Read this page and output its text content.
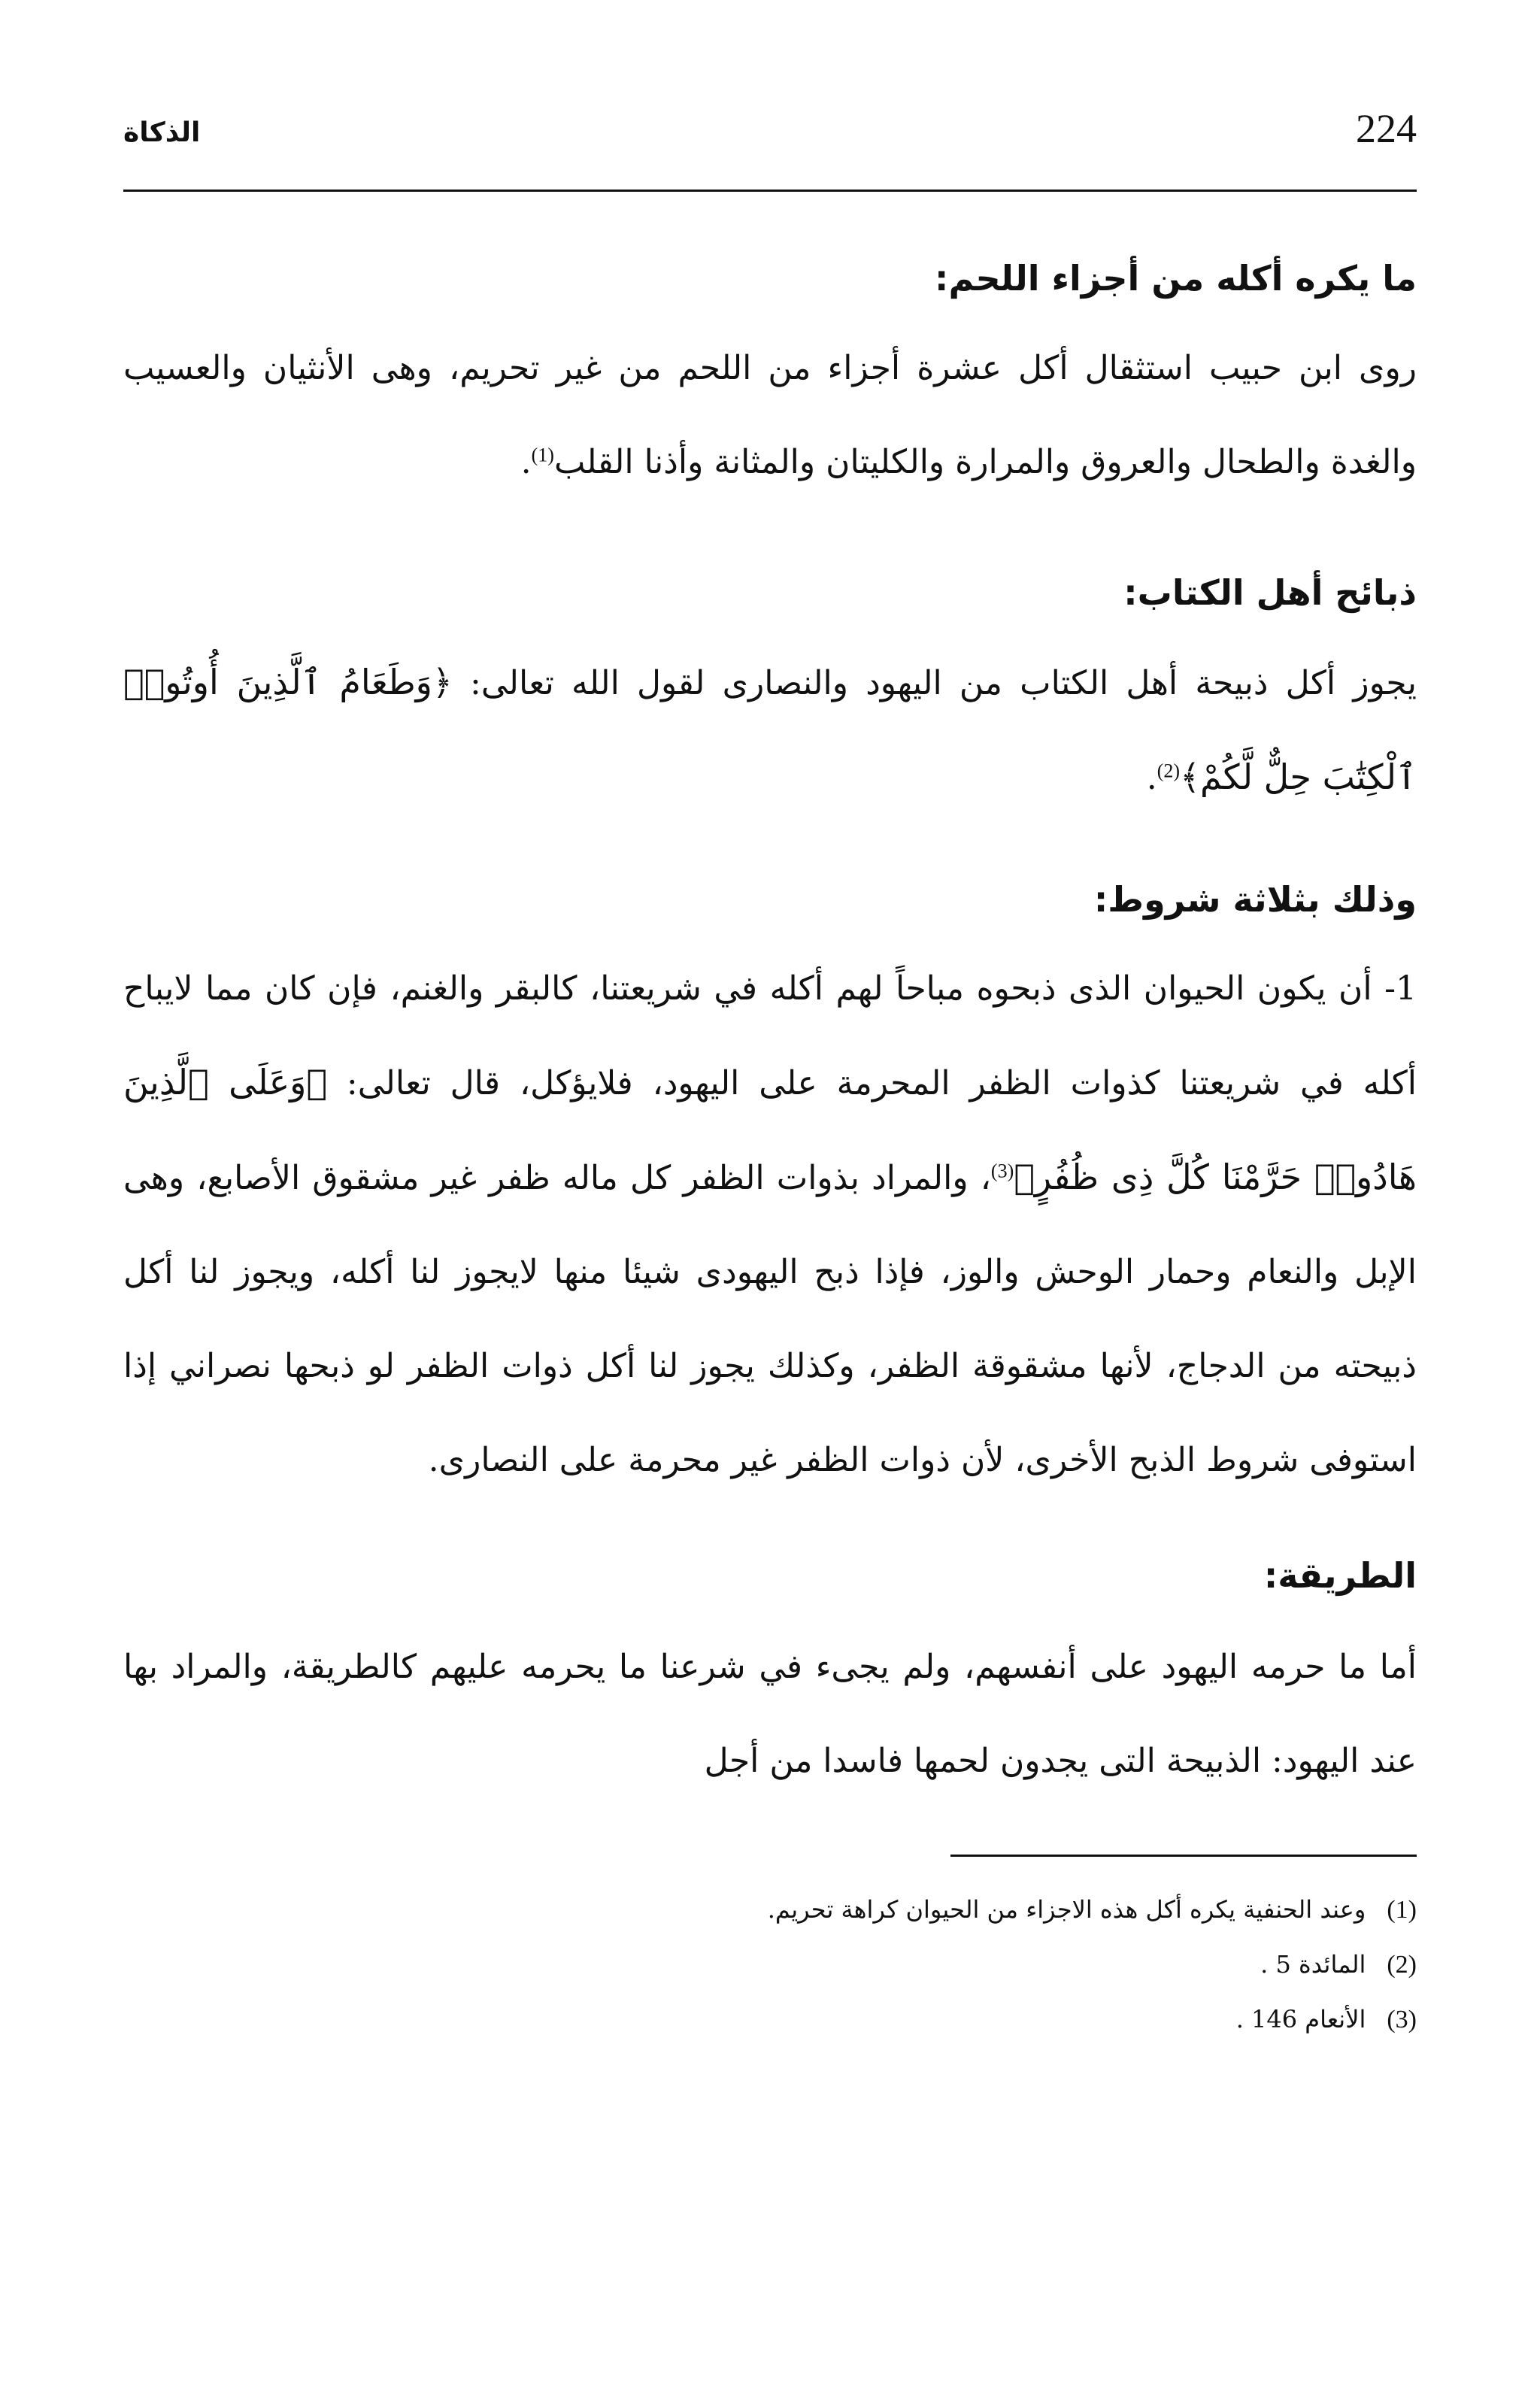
224
الذكاة
ما يكره أكله من أجزاء اللحم:

روى ابن حبيب استثقال أكل عشرة أجزاء من اللحم من غير تحريم، وهى الأنثيان والعسيب والغدة والطحال والعروق والمرارة والكليتان والمثانة وأذنا القلب$^{(1)}$.

ذبائح أهل الكتاب:

يجوز أكل ذبيحة أهل الكتاب من اليهود والنصارى لقول الله تعالى: ﴿وَطَعَامُ ٱلَّذِينَ أُوتُوا۟ ٱلْكِتَٰبَ حِلٌّ لَّكُمْ﴾$^{(2)}$.

وذلك بثلاثة شروط:

1- أن يكون الحيوان الذى ذبحوه مباحاً لهم أكله في شريعتنا، كالبقر والغنم، فإن كان مما لايباح أكله في شريعتنا كذوات الظفر المحرمة على اليهود، فلايؤكل، قال تعالى: ﴿وَعَلَى ٱلَّذِينَ هَادُوا۟ حَرَّمْنَا كُلَّ ذِى ظُفُرٍ﴾$^{(3)}$، والمراد بذوات الظفر كل ماله ظفر غير مشقوق الأصابع، وهى الإبل والنعام وحمار الوحش والوز، فإذا ذبح اليهودى شيئا منها لايجوز لنا أكله، ويجوز لنا أكل ذبيحته من الدجاج، لأنها مشقوقة الظفر، وكذلك يجوز لنا أكل ذوات الظفر لو ذبحها نصراني إذا استوفى شروط الذبح الأخرى، لأن ذوات الظفر غير محرمة على النصارى.

الطريقة:

أما ما حرمه اليهود على أنفسهم، ولم يجىء في شرعنا ما يحرمه عليهم كالطريقة، والمراد بها عند اليهود: الذبيحة التى يجدون لحمها فاسدا من أجل

(1)
وعند الحنفية يكره أكل هذه الاجزاء من الحيوان كراهة تحريم.
(2)
المائدة 5 .
(3)
الأنعام 146 .
